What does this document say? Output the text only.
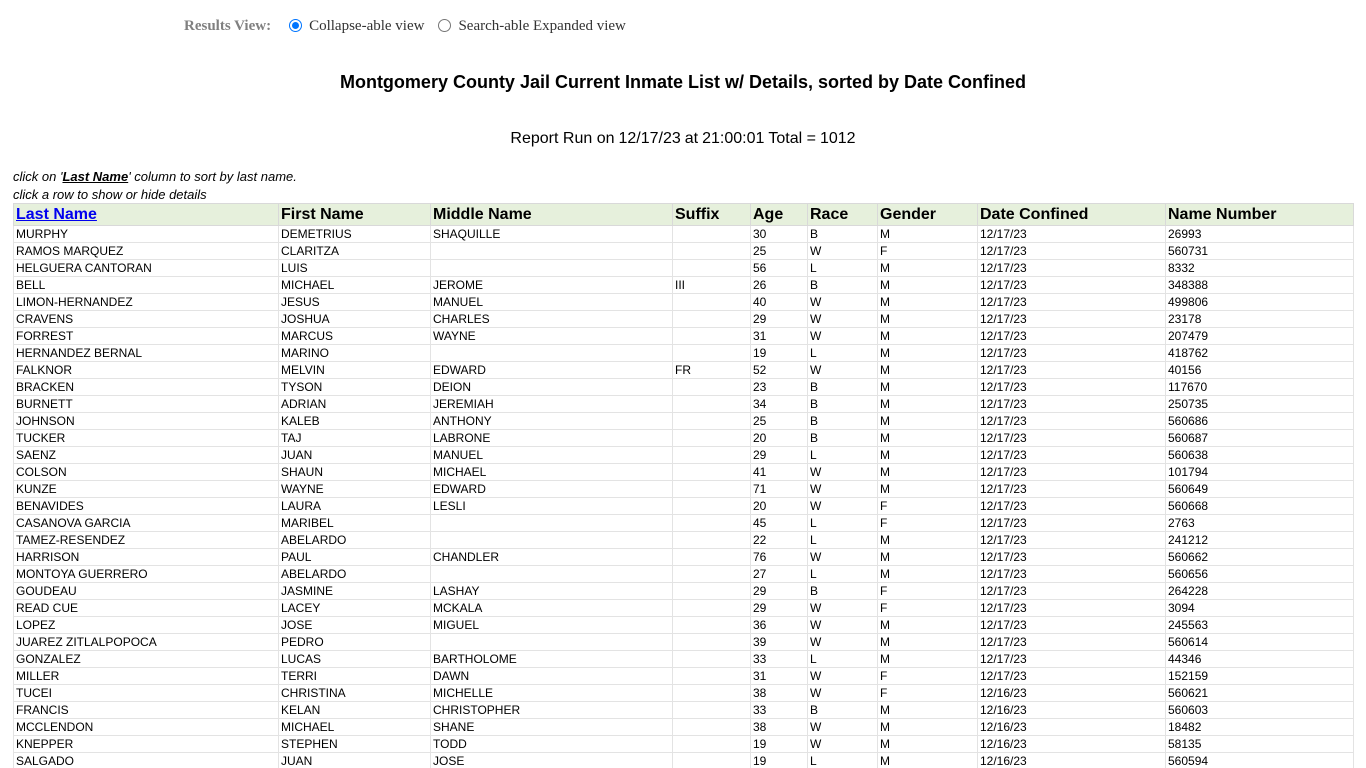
Results View:	Collapse-able view Search-able Expanded view
Montgomery County Jail Current Inmate List w/ Details, sorted by Date Confined
Report Run on 12/17/23 at 21:00:01 Total = 1012
click on 'Last Name' column to sort by last name.
click a row to show or hide details
Last Name	First Name	Middle Name	Suffix	Age	Race	Gender	Date Confined	Name Number
MURPHY	DEMETRIUS	SHAQUILLE		30	B	M	12/17/23	26993
RAMOS MARQUEZ	CLARITZA			25	W	F	12/17/23	560731
HELGUERA CANTORAN	LUIS			56	L	M	12/17/23	8332
BELL	MICHAEL	JEROME	III	26	B	M	12/17/23	348388
LIMON-HERNANDEZ	JESUS	MANUEL		40	W	M	12/17/23	499806
CRAVENS	JOSHUA	CHARLES		29	W	M	12/17/23	23178
FORREST	MARCUS	WAYNE		31	W	M	12/17/23	207479
HERNANDEZ BERNAL	MARINO			19	L	M	12/17/23	418762
FALKNOR	MELVIN	EDWARD	FR	52	W	M	12/17/23	40156
BRACKEN	TYSON	DEION		23	B	M	12/17/23	117670
BURNETT	ADRIAN	JEREMIAH		34	B	M	12/17/23	250735
JOHNSON	KALEB	ANTHONY		25	B	M	12/17/23	560686
TUCKER	TAJ	LABRONE		20	B	M	12/17/23	560687
SAENZ	JUAN	MANUEL		29	L	M	12/17/23	560638
COLSON	SHAUN	MICHAEL		41	W	M	12/17/23	101794
KUNZE	WAYNE	EDWARD		71	W	M	12/17/23	560649
BENAVIDES	LAURA	LESLI		20	W	F	12/17/23	560668
CASANOVA GARCIA	MARIBEL			45	L	F	12/17/23	2763
TAMEZ-RESENDEZ	ABELARDO			22	L	M	12/17/23	241212
HARRISON	PAUL	CHANDLER		76	W	M	12/17/23	560662
MONTOYA GUERRERO	ABELARDO			27	L	M	12/17/23	560656
GOUDEAU	JASMINE	LASHAY		29	B	F	12/17/23	264228
READ CUE	LACEY	MCKALA		29	W	F	12/17/23	3094
LOPEZ	JOSE	MIGUEL		36	W	M	12/17/23	245563
JUAREZ ZITLALPOPOCA	PEDRO			39	W	M	12/17/23	560614
GONZALEZ	LUCAS	BARTHOLOME		33	L	M	12/17/23	44346
MILLER	TERRI	DAWN		31	W	F	12/17/23	152159
TUCEI	CHRISTINA	MICHELLE		38	W	F	12/16/23	560621
FRANCIS	KELAN	CHRISTOPHER		33	B	M	12/16/23	560603
MCCLENDON	MICHAEL	SHANE		38	W	M	12/16/23	18482
KNEPPER	STEPHEN	TODD		19	W	M	12/16/23	58135
SALGADO	JUAN	JOSE		19	L	M	12/16/23	560594
